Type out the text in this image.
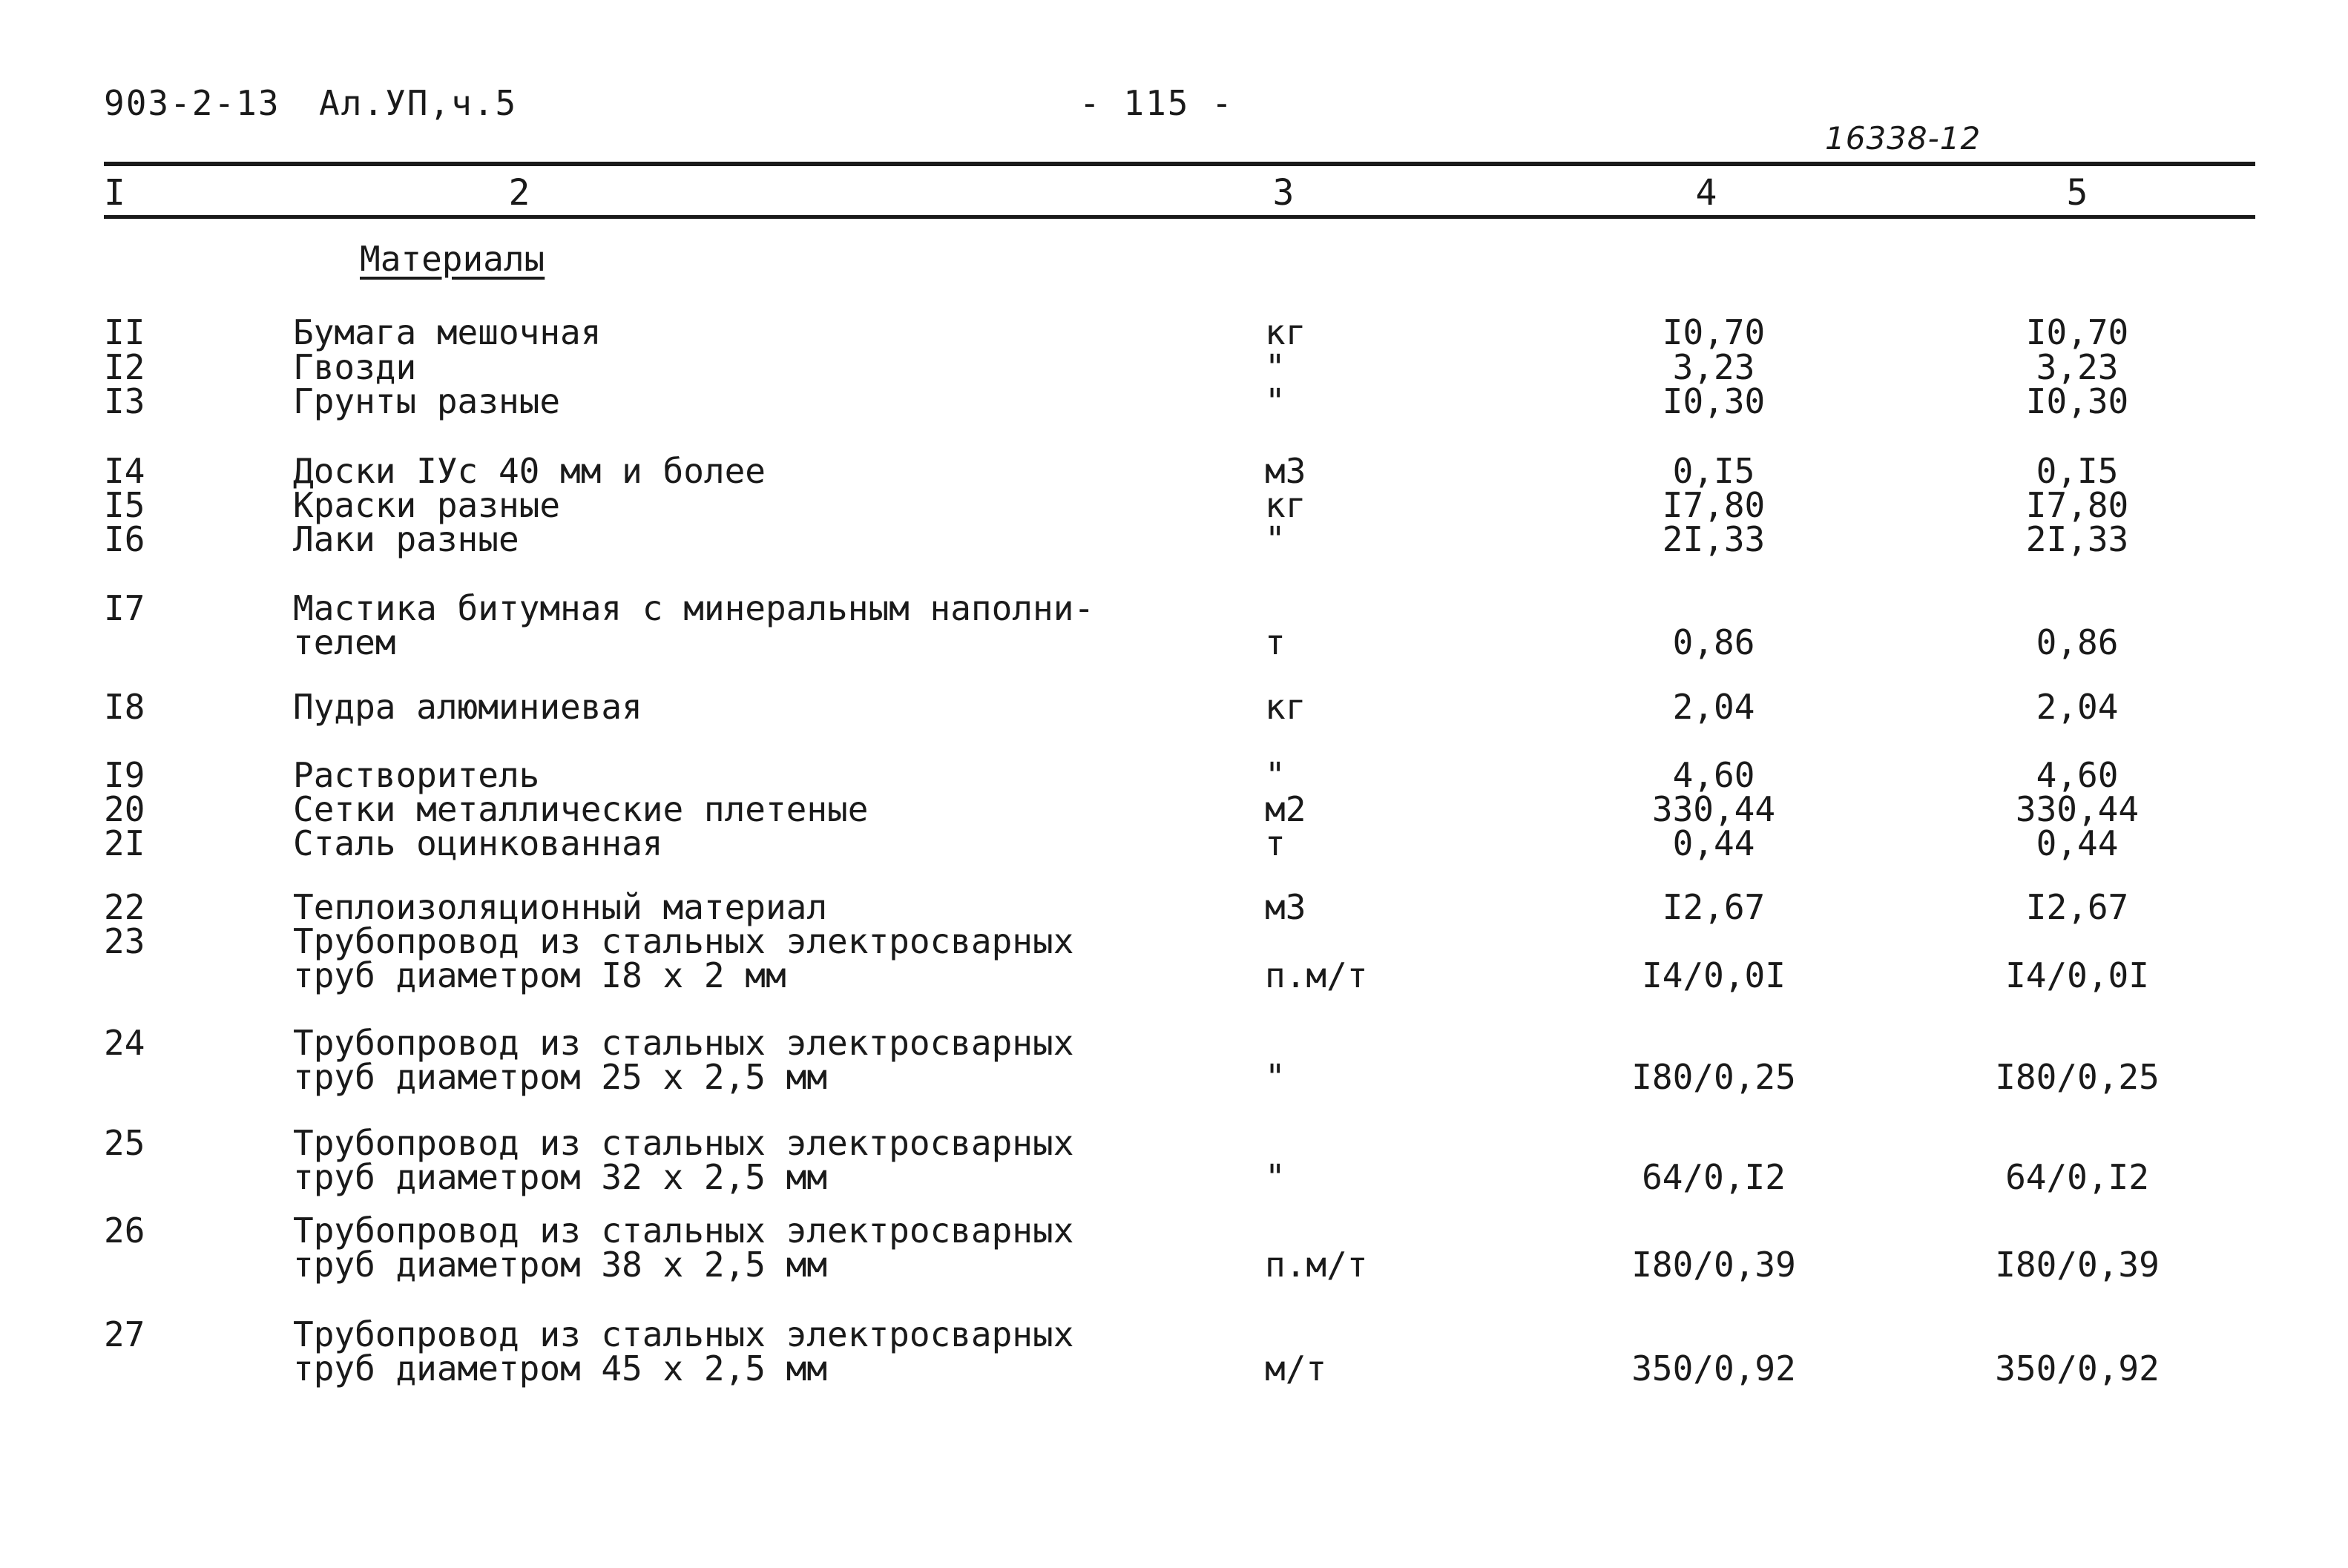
903-2-13 Ал.УП,ч.5	- 115 -
16338-12
I	2	3	4	5
Материалы
II	Бумага мешочная	кг	I0,70	I0,70
I2	Гвозди	"	3,23	3,23
I3	Грунты разные	"	I0,30	I0,30
I4	Доски IУс 40 мм и более	м3	0,I5	0,I5
I5	Краски разные	кг	I7,80	I7,80
I6	Лаки разные	"	2I,33	2I,33
I7	Мастика битумная с минеральным наполни-
телем	т	0,86	0,86
I8	Пудра алюминиевая	кг	2,04	2,04
I9	Растворитель	"	4,60	4,60
20	Сетки металлические плетеные	м2	330,44	330,44
2I	Сталь оцинкованная	т	0,44	0,44
22	Теплоизоляционный материал	м3	I2,67	I2,67
23	Трубопровод из стальных электросварных
труб диаметром I8 х 2 мм	п.м/т	I4/0,0I	I4/0,0I
24	Трубопровод из стальных электросварных
труб диаметром 25 х 2,5 мм	"	I80/0,25	I80/0,25
25	Трубопровод из стальных электросварных
труб диаметром 32 х 2,5 мм	"	64/0,I2	64/0,I2
26	Трубопровод из стальных электросварных
труб диаметром 38 х 2,5 мм	п.м/т	I80/0,39	I80/0,39
27	Трубопровод из стальных электросварных
труб диаметром 45 х 2,5 мм	м/т	350/0,92	350/0,92
